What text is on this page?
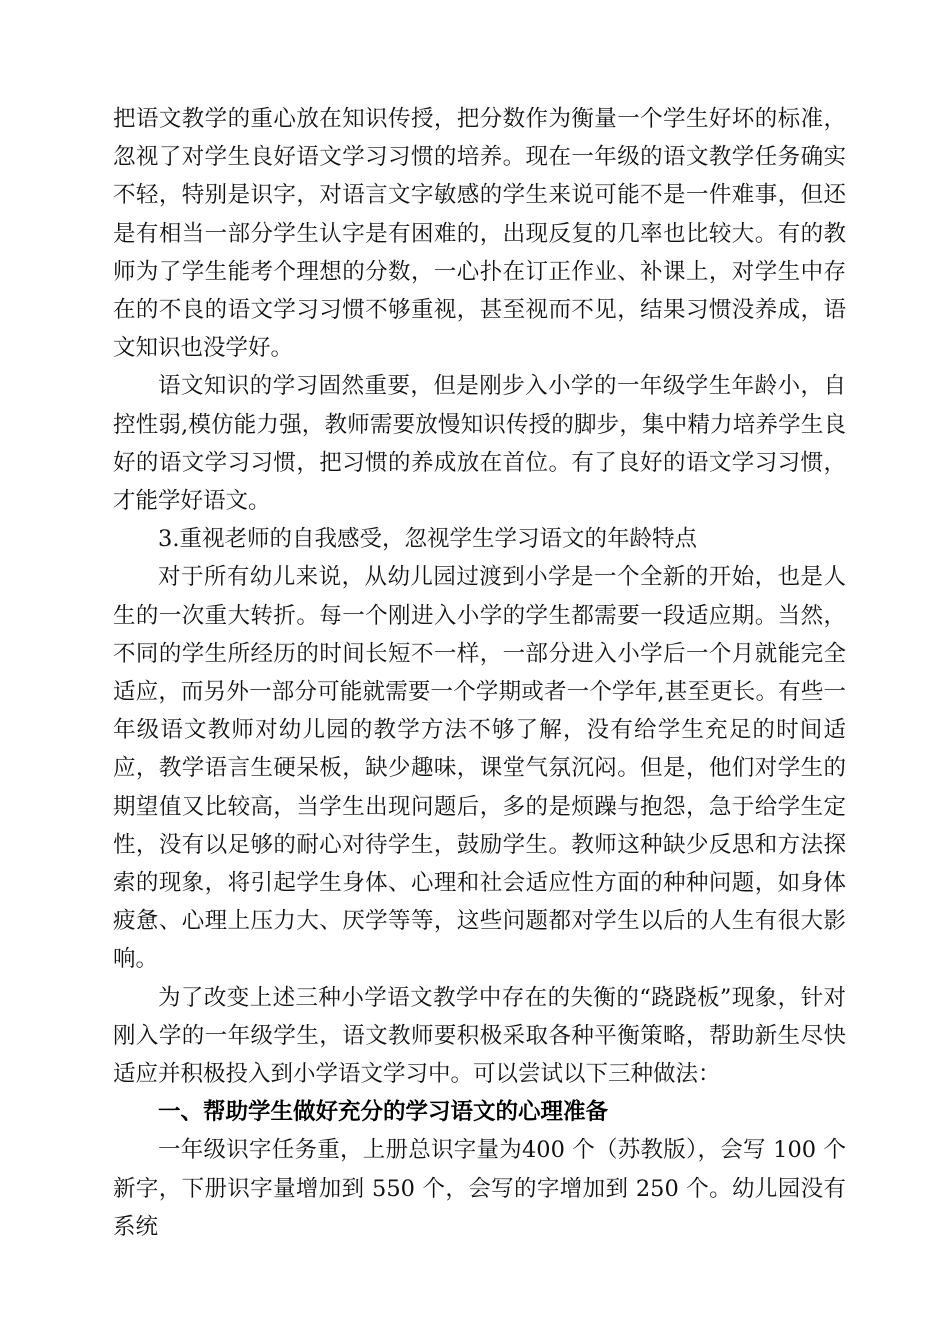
把语文教学的重心放在知识传授，把分数作为衡量一个学生好坏的标准，忽视了对学生良好语文学习习惯的培养。现在一年级的语文教学任务确实不轻，特别是识字，对语言文字敏感的学生来说可能不是一件难事，但还是有相当一部分学生认字是有困难的，出现反复的几率也比较大。有的教师为了学生能考个理想的分数，一心扑在订正作业、补课上，对学生中存在的不良的语文学习习惯不够重视，甚至视而不见，结果习惯没养成，语文知识也没学好。

语文知识的学习固然重要，但是刚步入小学的一年级学生年龄小，自控性弱,模仿能力强，教师需要放慢知识传授的脚步，集中精力培养学生良好的语文学习习惯，把习惯的养成放在首位。有了良好的语文学习习惯，才能学好语文。

3.重视老师的自我感受，忽视学生学习语文的年龄特点

对于所有幼儿来说，从幼儿园过渡到小学是一个全新的开始，也是人生的一次重大转折。每一个刚进入小学的学生都需要一段适应期。当然，不同的学生所经历的时间长短不一样，一部分进入小学后一个月就能完全适应，而另外一部分可能就需要一个学期或者一个学年,甚至更长。有些一年级语文教师对幼儿园的教学方法不够了解，没有给学生充足的时间适应，教学语言生硬呆板，缺少趣味，课堂气氛沉闷。但是，他们对学生的期望值又比较高，当学生出现问题后，多的是烦躁与抱怨，急于给学生定性，没有以足够的耐心对待学生，鼓励学生。教师这种缺少反思和方法探索的现象，将引起学生身体、心理和社会适应性方面的种种问题，如身体疲惫、心理上压力大、厌学等等，这些问题都对学生以后的人生有很大影响。

为了改变上述三种小学语文教学中存在的失衡的“跷跷板”现象，针对刚入学的一年级学生，语文教师要积极采取各种平衡策略，帮助新生尽快适应并积极投入到小学语文学习中。可以尝试以下三种做法：

一、帮助学生做好充分的学习语文的心理准备

一年级识字任务重，上册总识字量为400 个（苏教版），会写 100 个新字，下册识字量增加到 550 个，会写的字增加到 250 个。幼儿园没有系统
